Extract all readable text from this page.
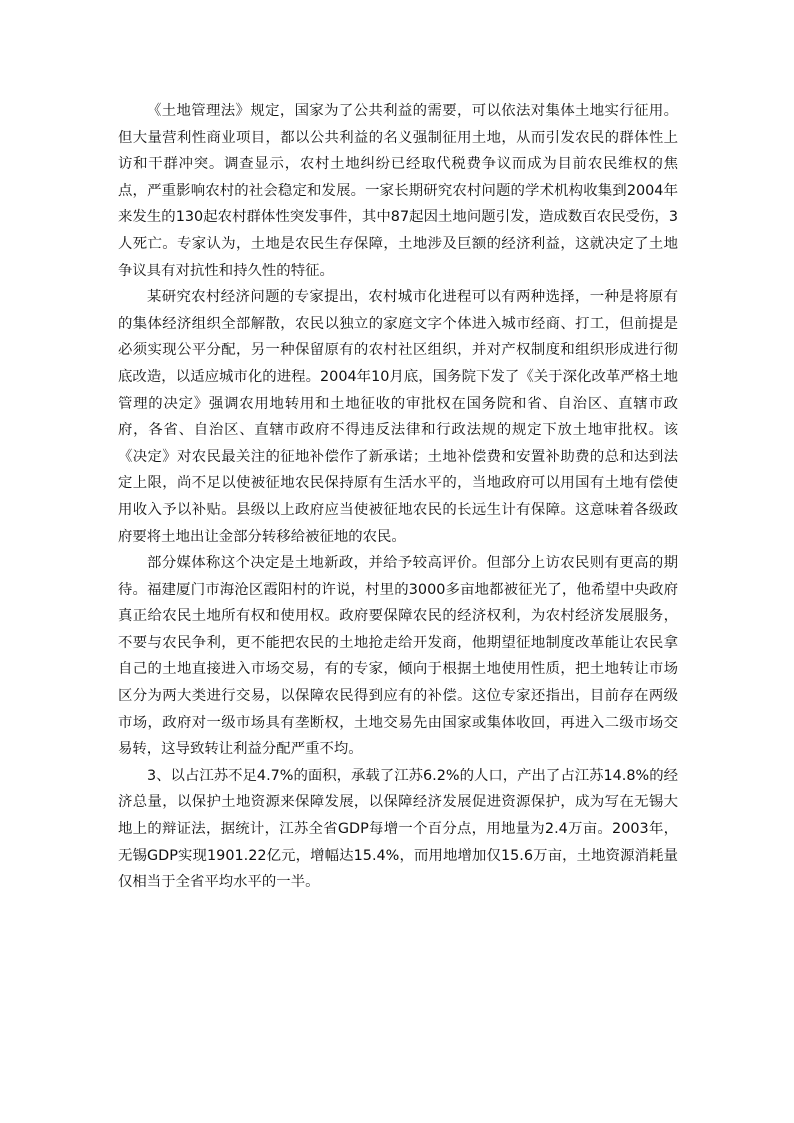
《土地管理法》规定，国家为了公共利益的需要，可以依法对集体土地实行征用。但大量营利性商业项目，都以公共利益的名义强制征用土地，从而引发农民的群体性上访和干群冲突。调查显示，农村土地纠纷已经取代税费争议而成为目前农民维权的焦点，严重影响农村的社会稳定和发展。一家长期研究农村问题的学术机构收集到2004年来发生的130起农村群体性突发事件，其中87起因土地问题引发，造成数百农民受伤，3人死亡。专家认为，土地是农民生存保障，土地涉及巨额的经济利益，这就决定了土地争议具有对抗性和持久性的特征。

某研究农村经济问题的专家提出，农村城市化进程可以有两种选择，一种是将原有的集体经济组织全部解散，农民以独立的家庭文字个体进入城市经商、打工，但前提是必须实现公平分配，另一种保留原有的农村社区组织，并对产权制度和组织形成进行彻底改造，以适应城市化的进程。2004年10月底，国务院下发了《关于深化改革严格土地管理的决定》强调农用地转用和土地征收的审批权在国务院和省、自治区、直辖市政府，各省、自治区、直辖市政府不得违反法律和行政法规的规定下放土地审批权。该《决定》对农民最关注的征地补偿作了新承诺；土地补偿费和安置补助费的总和达到法定上限，尚不足以使被征地农民保持原有生活水平的，当地政府可以用国有土地有偿使用收入予以补贴。县级以上政府应当使被征地农民的长远生计有保障。这意味着各级政府要将土地出让金部分转移给被征地的农民。

部分媒体称这个决定是土地新政，并给予较高评价。但部分上访农民则有更高的期待。福建厦门市海沧区霞阳村的许说，村里的3000多亩地都被征光了，他希望中央政府真正给农民土地所有权和使用权。政府要保障农民的经济权利，为农村经济发展服务，不要与农民争利，更不能把农民的土地抢走给开发商，他期望征地制度改革能让农民拿自己的土地直接进入市场交易，有的专家，倾向于根据土地使用性质，把土地转让市场区分为两大类进行交易，以保障农民得到应有的补偿。这位专家还指出，目前存在两级市场，政府对一级市场具有垄断权，土地交易先由国家或集体收回，再进入二级市场交易转，这导致转让利益分配严重不均。

3、以占江苏不足4.7%的面积，承载了江苏6.2%的人口，产出了占江苏14.8%的经济总量，以保护土地资源来保障发展，以保障经济发展促进资源保护，成为写在无锡大地上的辩证法，据统计，江苏全省GDP每增一个百分点，用地量为2.4万亩。2003年，无锡GDP实现1901.22亿元，增幅达15.4%，而用地增加仅15.6万亩，土地资源消耗量仅相当于全省平均水平的一半。
